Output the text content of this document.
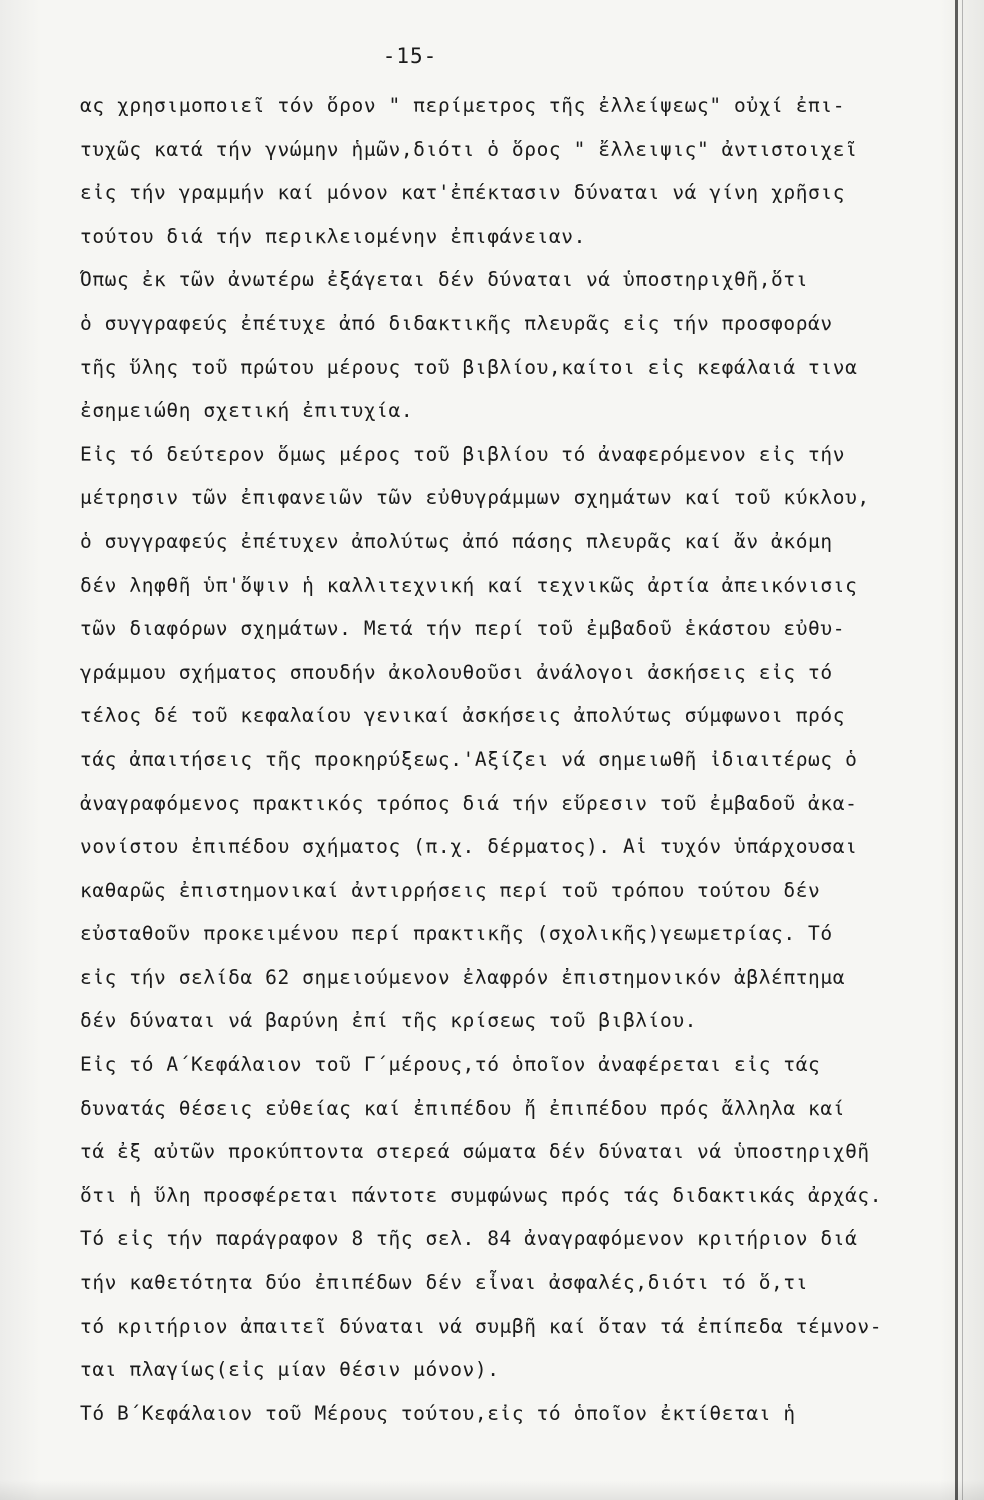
-15-
ας χρησιμοποιεῖ τόν ὅρον " περίμετρος τῆς ἐλλείψεως" οὐχί ἐπι-
τυχῶς κατά τήν γνώμην ἡμῶν,διότι ὁ ὅρος " ἔλλειψις" ἀντιστοιχεῖ
εἰς τήν γραμμήν καί μόνον κατ'ἐπέκτασιν δύναται νά γίνη χρῆσις
τούτου διά τήν περικλειομένην ἐπιφάνειαν.
Ὅπως ἐκ τῶν ἀνωτέρω ἐξάγεται δέν δύναται νά ὑποστηριχθῆ,ὅτι
ὁ συγγραφεύς ἐπέτυχε ἀπό διδακτικῆς πλευρᾶς εἰς τήν προσφοράν
τῆς ὕλης τοῦ πρώτου μέρους τοῦ βιβλίου,καίτοι εἰς κεφάλαιά τινα
ἐσημειώθη σχετική ἐπιτυχία.
Εἰς τό δεύτερον ὅμως μέρος τοῦ βιβλίου τό ἀναφερόμενον εἰς τήν
μέτρησιν τῶν ἐπιφανειῶν τῶν εὐθυγράμμων σχημάτων καί τοῦ κύκλου,
ὁ συγγραφεύς ἐπέτυχεν ἀπολύτως ἀπό πάσης πλευρᾶς καί ἄν ἀκόμη
δέν ληφθῆ ὑπ'ὄψιν ἡ καλλιτεχνική καί τεχνικῶς ἀρτία ἀπεικόνισις
τῶν διαφόρων σχημάτων. Μετά τήν περί τοῦ ἐμβαδοῦ ἑκάστου εὐθυ-
γράμμου σχήματος σπουδήν ἀκολουθοῦσι ἀνάλογοι ἀσκήσεις εἰς τό
τέλος δέ τοῦ κεφαλαίου γενικαί ἀσκήσεις ἀπολύτως σύμφωνοι πρός
τάς ἀπαιτήσεις τῆς προκηρύξεως.'Αξίζει νά σημειωθῆ ἰδιαιτέρως ὁ
ἀναγραφόμενος πρακτικός τρόπος διά τήν εὕρεσιν τοῦ ἐμβαδοῦ ἀκα-
νονίστου ἐπιπέδου σχήματος (π.χ. δέρματος). Αἱ τυχόν ὑπάρχουσαι
καθαρῶς ἐπιστημονικαί ἀντιρρήσεις περί τοῦ τρόπου τούτου δέν
εὐσταθοῦν προκειμένου περί πρακτικῆς (σχολικῆς)γεωμετρίας. Τό
εἰς τήν σελίδα 62 σημειούμενον ἐλαφρόν ἐπιστημονικόν ἀβλέπτημα
δέν δύναται νά βαρύνη ἐπί τῆς κρίσεως τοῦ βιβλίου.
Εἰς τό Α΄Κεφάλαιον τοῦ Γ΄μέρους,τό ὁποῖον ἀναφέρεται εἰς τάς
δυνατάς θέσεις εὐθείας καί ἐπιπέδου ἤ ἐπιπέδου πρός ἄλληλα καί
τά ἐξ αὐτῶν προκύπτοντα στερεά σώματα δέν δύναται νά ὑποστηριχθῆ
ὅτι ἡ ὕλη προσφέρεται πάντοτε συμφώνως πρός τάς διδακτικάς ἀρχάς.
Τό εἰς τήν παράγραφον 8 τῆς σελ. 84 ἀναγραφόμενον κριτήριον διά
τήν καθετότητα δύο ἐπιπέδων δέν εἶναι ἀσφαλές,διότι τό ὅ,τι
τό κριτήριον ἀπαιτεῖ δύναται νά συμβῆ καί ὅταν τά ἐπίπεδα τέμνον-
ται πλαγίως(εἰς μίαν θέσιν μόνον).
Τό Β΄Κεφάλαιον τοῦ Μέρους τούτου,εἰς τό ὁποῖον ἐκτίθεται ἡ
